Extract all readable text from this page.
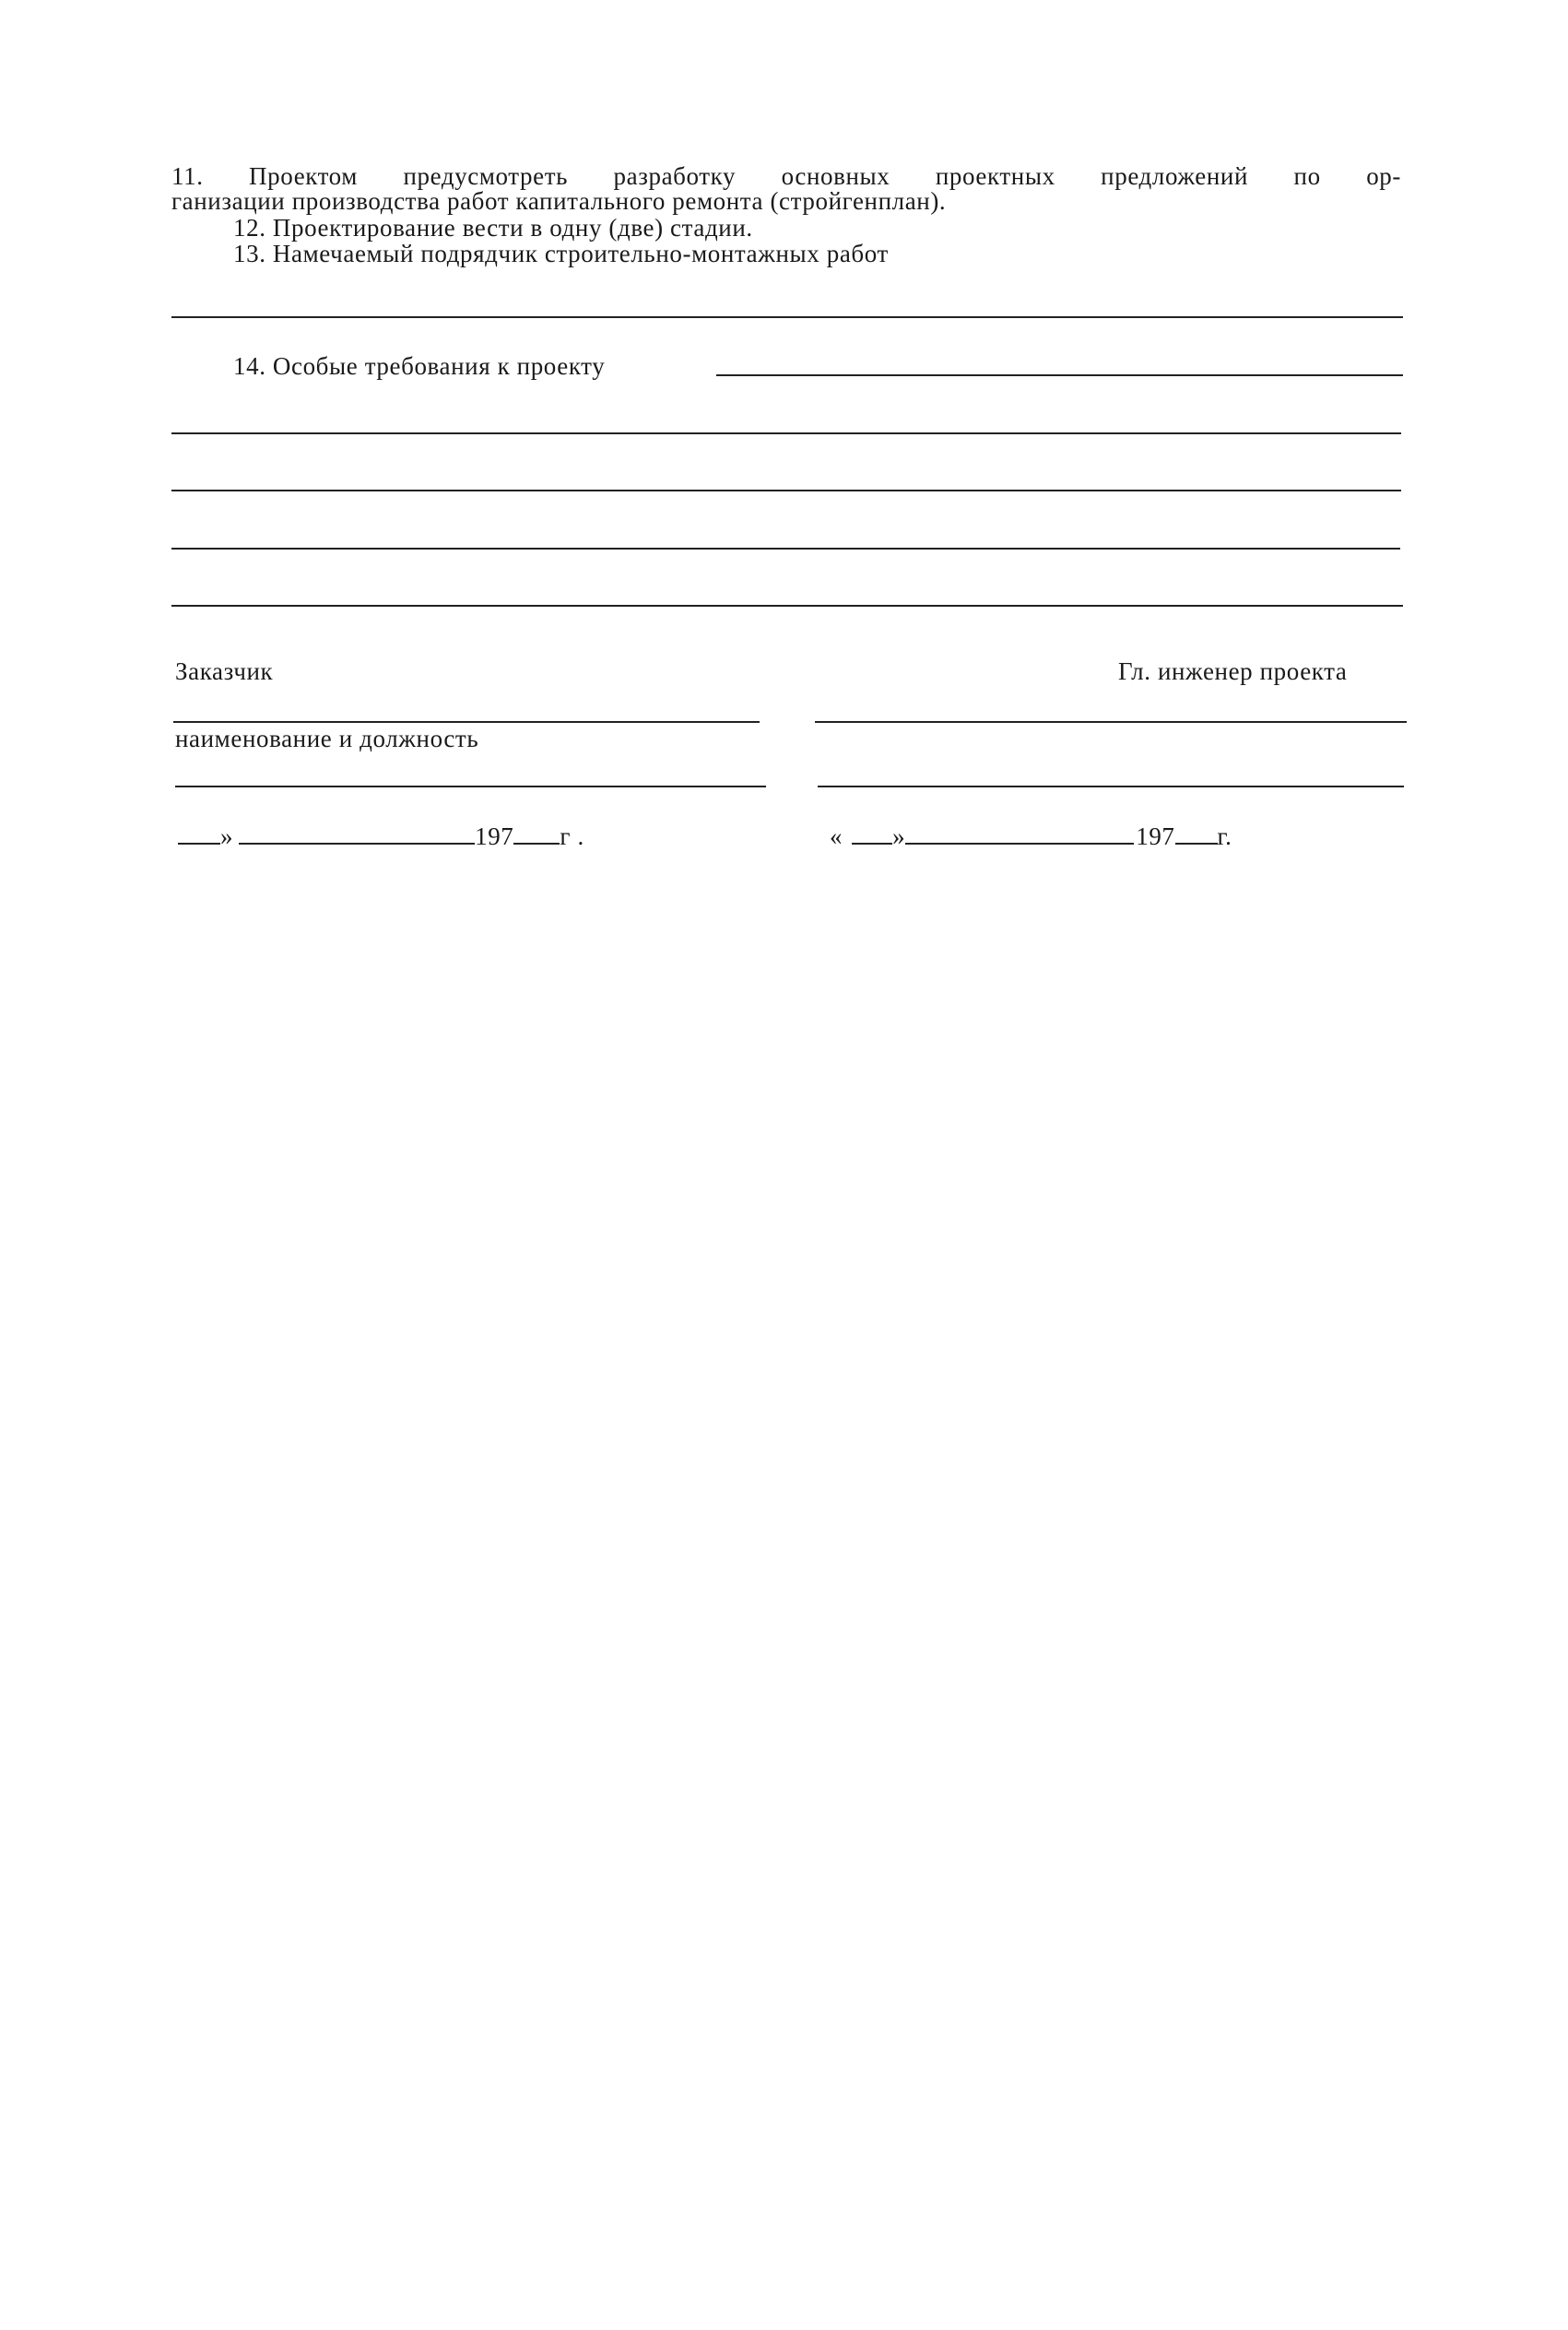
11. Проектом предусмотреть разработку основных проектных предложений по ор-
ганизации производства работ капитального ремонта (стройгенплан).
12. Проектирование вести в одну (две) стадии.
13. Намечаемый подрядчик строительно-монтажных работ
14. Особые требования к проекту
Заказчик	Гл. инженер проекта
наименование и должность
»	197 г .	« »	197 г.
